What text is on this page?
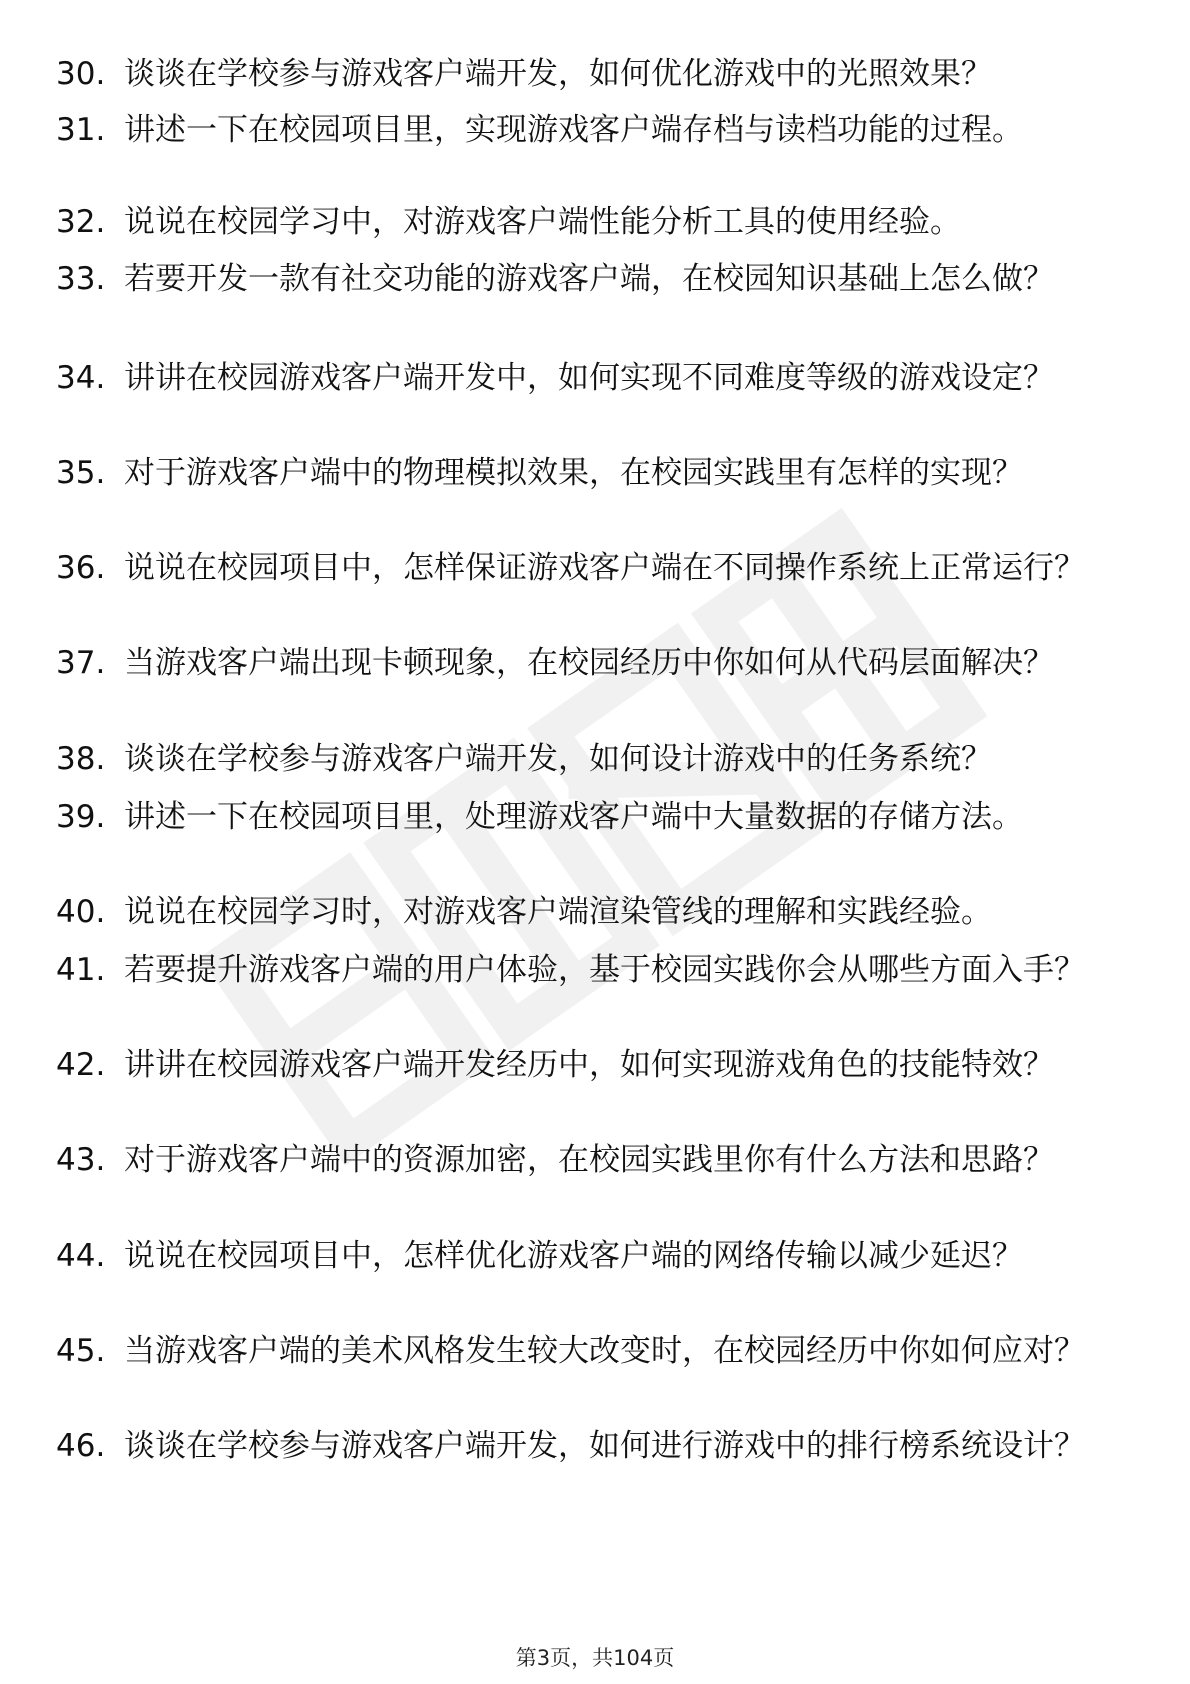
30. 谈谈在学校参与游戏客户端开发，如何优化游戏中的光照效果？
31. 讲述一下在校园项目里，实现游戏客户端存档与读档功能的过程。
32. 说说在校园学习中，对游戏客户端性能分析工具的使用经验。
33. 若要开发一款有社交功能的游戏客户端，在校园知识基础上怎么做？
34. 讲讲在校园游戏客户端开发中，如何实现不同难度等级的游戏设定？
35. 对于游戏客户端中的物理模拟效果，在校园实践里有怎样的实现？
36. 说说在校园项目中，怎样保证游戏客户端在不同操作系统上正常运行？
37. 当游戏客户端出现卡顿现象，在校园经历中你如何从代码层面解决？
38. 谈谈在学校参与游戏客户端开发，如何设计游戏中的任务系统？
39. 讲述一下在校园项目里，处理游戏客户端中大量数据的存储方法。
40. 说说在校园学习时，对游戏客户端渲染管线的理解和实践经验。
41. 若要提升游戏客户端的用户体验，基于校园实践你会从哪些方面入手？
42. 讲讲在校园游戏客户端开发经历中，如何实现游戏角色的技能特效？
43. 对于游戏客户端中的资源加密，在校园实践里你有什么方法和思路？
44. 说说在校园项目中，怎样优化游戏客户端的网络传输以减少延迟？
45. 当游戏客户端的美术风格发生较大改变时，在校园经历中你如何应对？
46. 谈谈在学校参与游戏客户端开发，如何进行游戏中的排行榜系统设计？
第3页，共104页
